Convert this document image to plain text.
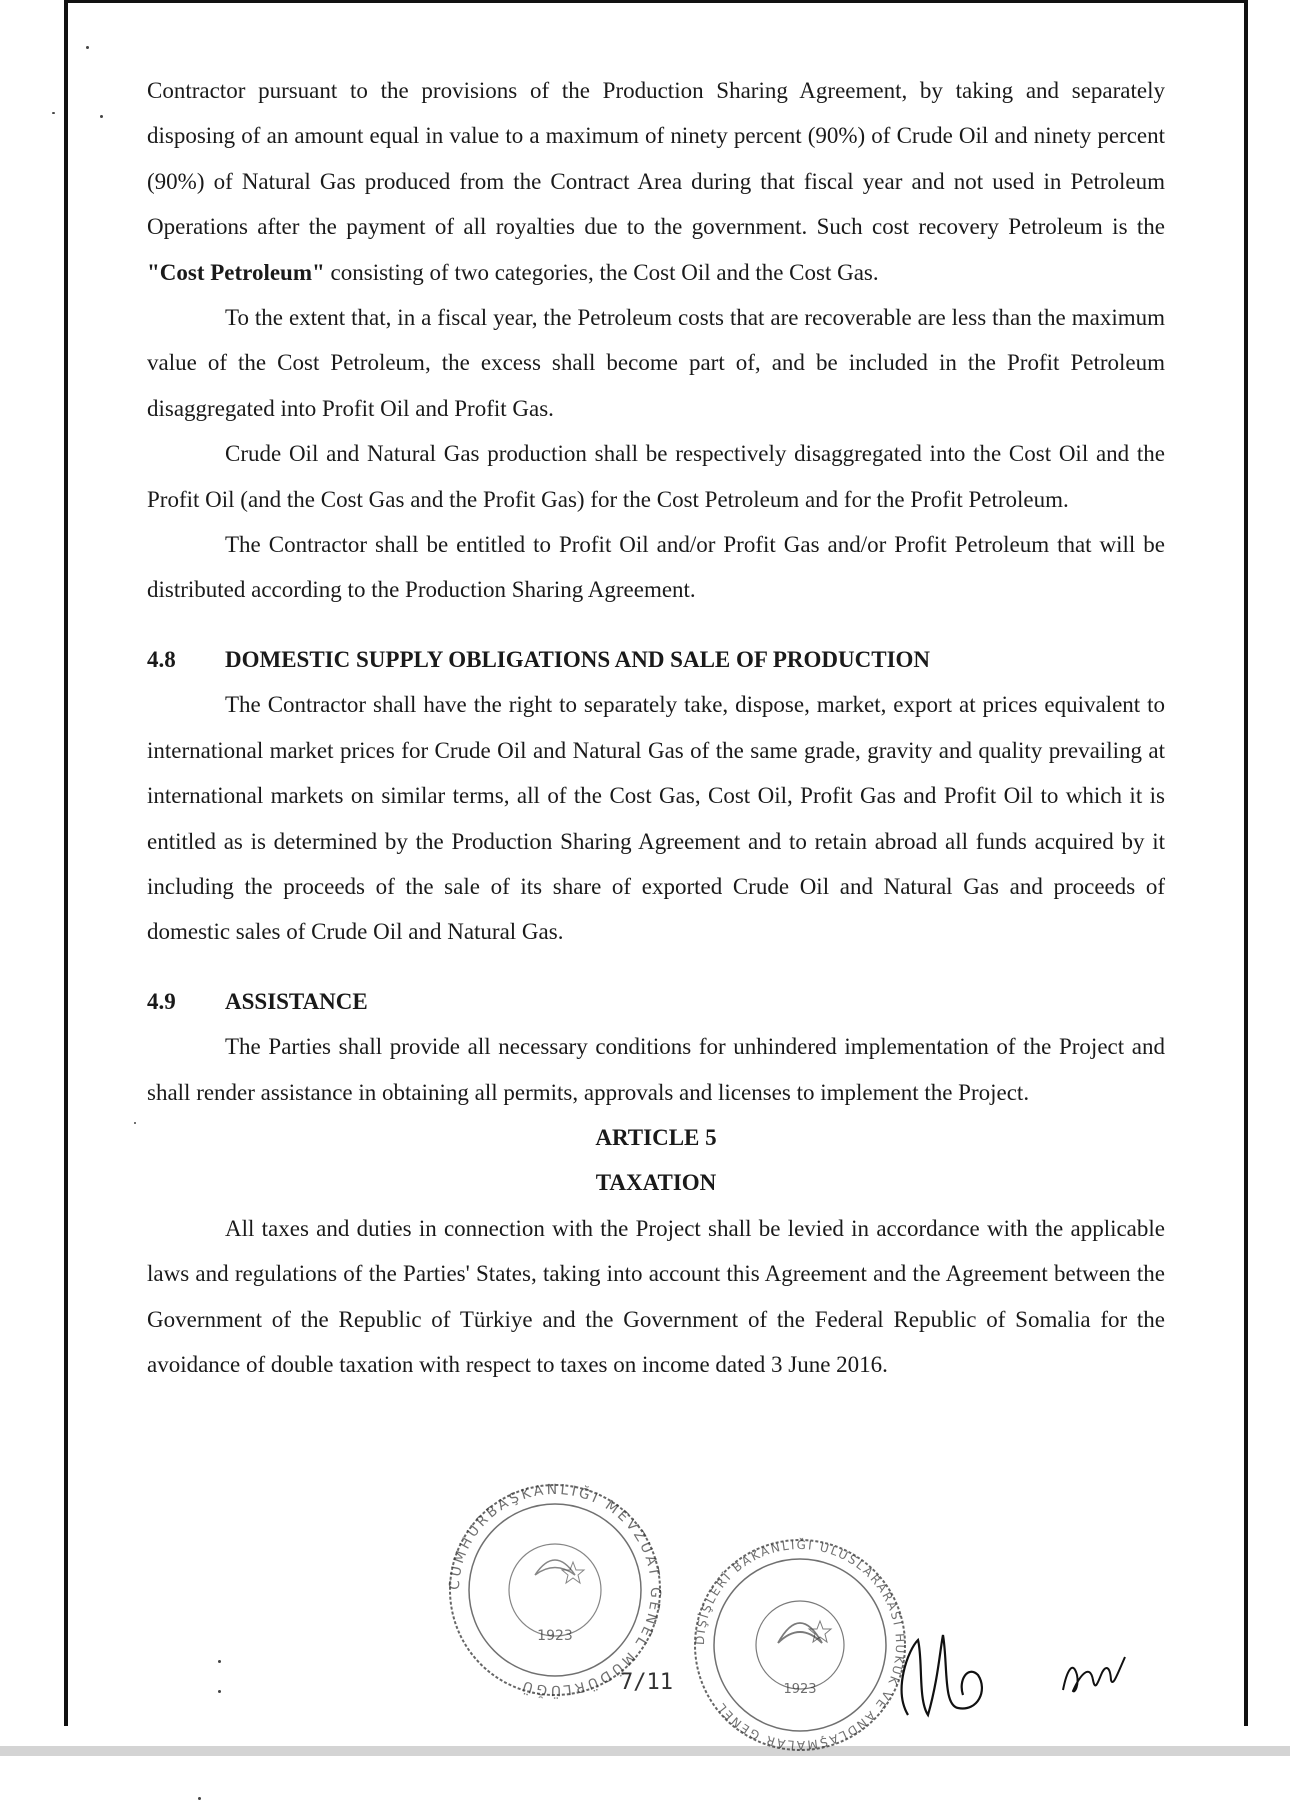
Contractor pursuant to the provisions of the Production Sharing Agreement, by taking and separately disposing of an amount equal in value to a maximum of ninety percent (90%) of Crude Oil and ninety percent (90%) of Natural Gas produced from the Contract Area during that fiscal year and not used in Petroleum Operations after the payment of all royalties due to the government. Such cost recovery Petroleum is the "Cost Petroleum" consisting of two categories, the Cost Oil and the Cost Gas.

To the extent that, in a fiscal year, the Petroleum costs that are recoverable are less than the maximum value of the Cost Petroleum, the excess shall become part of, and be included in the Profit Petroleum disaggregated into Profit Oil and Profit Gas.

Crude Oil and Natural Gas production shall be respectively disaggregated into the Cost Oil and the Profit Oil (and the Cost Gas and the Profit Gas) for the Cost Petroleum and for the Profit Petroleum.

The Contractor shall be entitled to Profit Oil and/or Profit Gas and/or Profit Petroleum that will be distributed according to the Production Sharing Agreement.

4.8	DOMESTIC SUPPLY OBLIGATIONS AND SALE OF PRODUCTION

The Contractor shall have the right to separately take, dispose, market, export at prices equivalent to international market prices for Crude Oil and Natural Gas of the same grade, gravity and quality prevailing at international markets on similar terms, all of the Cost Gas, Cost Oil, Profit Gas and Profit Oil to which it is entitled as is determined by the Production Sharing Agreement and to retain abroad all funds acquired by it including the proceeds of the sale of its share of exported Crude Oil and Natural Gas and proceeds of domestic sales of Crude Oil and Natural Gas.

4.9	ASSISTANCE

The Parties shall provide all necessary conditions for unhindered implementation of the Project and shall render assistance in obtaining all permits, approvals and licenses to implement the Project.

ARTICLE 5
TAXATION

All taxes and duties in connection with the Project shall be levied in accordance with the applicable laws and regulations of the Parties' States, taking into account this Agreement and the Agreement between the Government of the Republic of Türkiye and the Government of the Federal Republic of Somalia for the avoidance of double taxation with respect to taxes on income dated 3 June 2016.

7/11
CUMHURBAŞKANLIĞI MEVZUAT GENEL MÜDÜRLÜĞÜ
1923	DIŞİŞLERİ BAKANLIĞI ULUSLARARASI HUKUK VE ANDLAŞMALAR GENEL
1923
